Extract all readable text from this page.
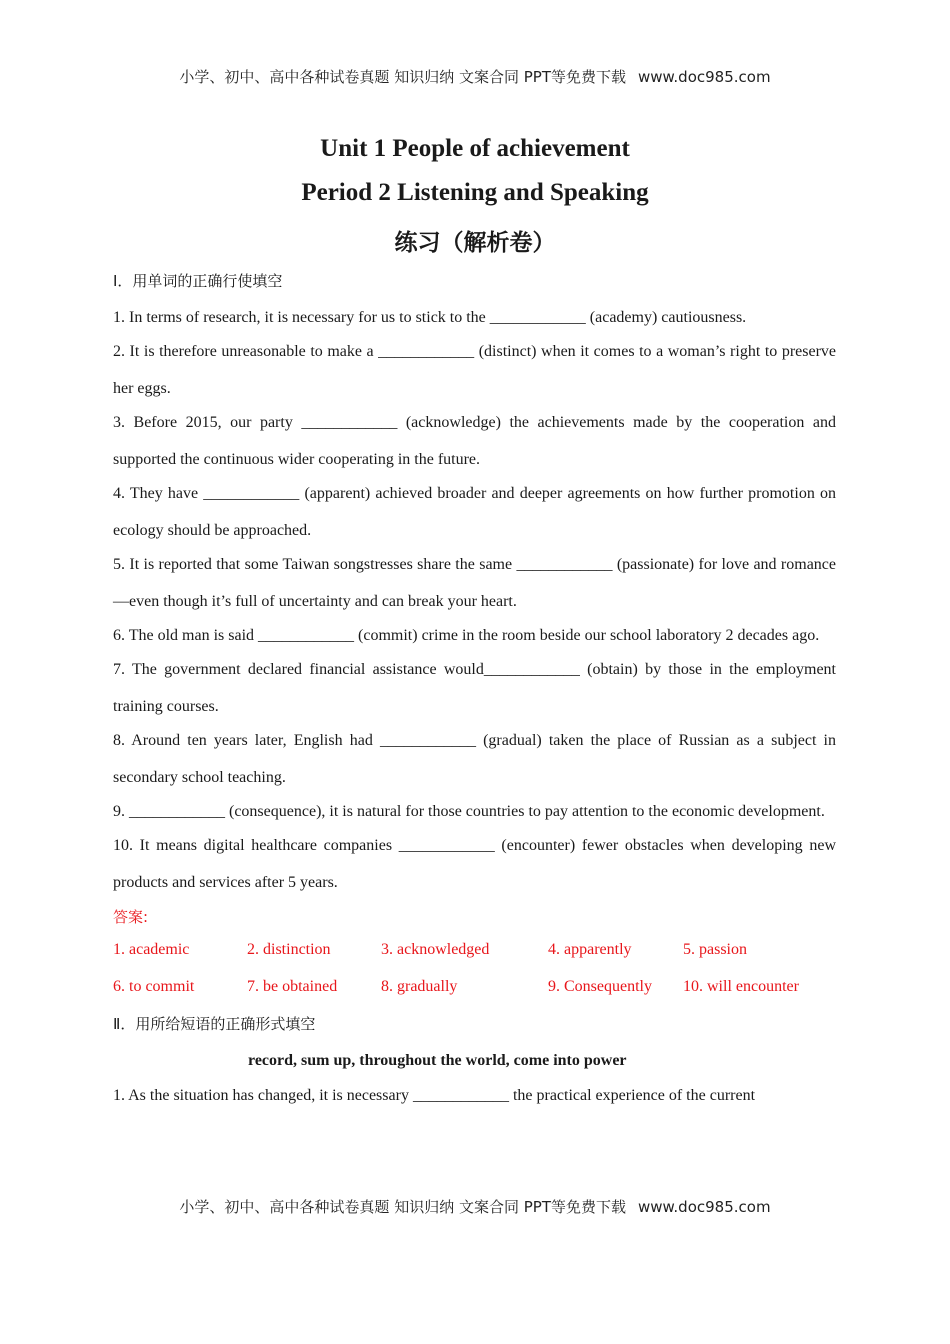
小学、初中、高中各种试卷真题 知识归纳 文案合同 PPT等免费下载 www.doc985.com
Unit 1 People of achievement
Period 2 Listening and Speaking
练习（解析卷）
Ⅰ．用单词的正确行使填空
1. In terms of research, it is necessary for us to stick to the ____________ (academy) cautiousness.
2. It is therefore unreasonable to make a ____________ (distinct) when it comes to a woman’s right to preserve her eggs.
3. Before 2015, our party ____________ (acknowledge) the achievements made by the cooperation and supported the continuous wider cooperating in the future.
4. They have ____________ (apparent) achieved broader and deeper agreements on how further promotion on ecology should be approached.
5. It is reported that some Taiwan songstresses share the same ____________ (passionate) for love and romance—even though it’s full of uncertainty and can break your heart.
6. The old man is said ____________ (commit) crime in the room beside our school laboratory 2 decades ago.
7. The government declared financial assistance would____________ (obtain) by those in the employment training courses.
8. Around ten years later, English had ____________ (gradual) taken the place of Russian as a subject in secondary school teaching.
9. ____________ (consequence), it is natural for those countries to pay attention to the economic development.
10. It means digital healthcare companies ____________ (encounter) fewer obstacles when developing new products and services after 5 years.
答案:
1. academic	2. distinction	3. acknowledged	4. apparently	5. passion
6. to commit	7. be obtained	8. gradually	9. Consequently 10. will encounter
Ⅱ．用所给短语的正确形式填空
record, sum up, throughout the world, come into power
1. As the situation has changed, it is necessary ____________ the practical experience of the current
小学、初中、高中各种试卷真题 知识归纳 文案合同 PPT等免费下载 www.doc985.com
